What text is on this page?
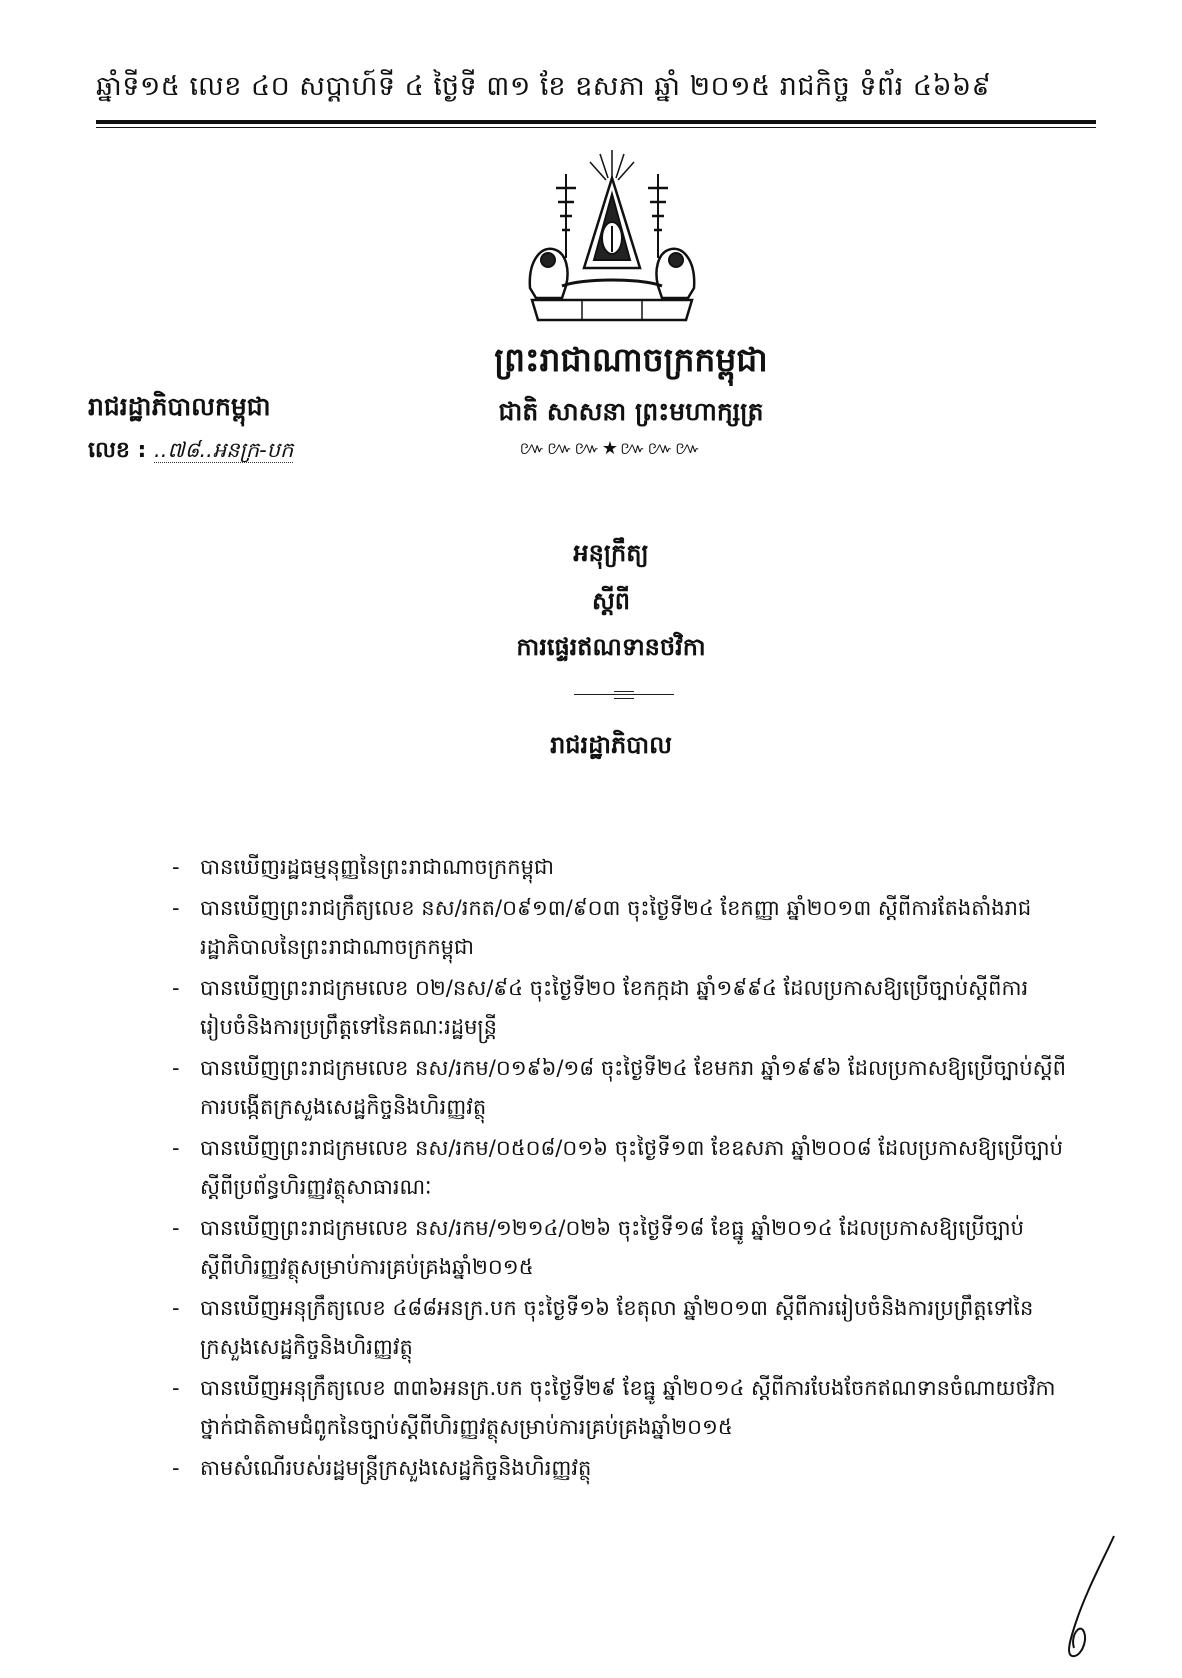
ឆ្នាំទី១៥ លេខ ៤០ សប្តាហ៍ទី ៤ ថ្ងៃទី ៣១ ខែ ឧសភា ឆ្នាំ ២០១៥ រាជកិច្ច ទំព័រ ៤៦៦៩
ព្រះរាជាណាចក្រកម្ពុជា
ជាតិ សាសនា ព្រះមហាក្សត្រ
៚៚៚★៚៚៚
រាជរដ្ឋាភិបាលកម្ពុជា
លេខ : ..៧៨..អនក្រ-បក
អនុក្រឹត្យ
ស្តីពី
ការផ្ទេរឥណទានថវិកា
រាជរដ្ឋាភិបាល
- បានឃើញរដ្ឋធម្មនុញ្ញនៃព្រះរាជាណាចក្រកម្ពុជា
- បានឃើញព្រះរាជក្រឹត្យលេខ នស/រកត/០៩១៣/៩០៣ ចុះថ្ងៃទី២៤ ខែកញ្ញា ឆ្នាំ២០១៣ ស្តីពីការតែងតាំងរាជរដ្ឋាភិបាលនៃព្រះរាជាណាចក្រកម្ពុជា
- បានឃើញព្រះរាជក្រមលេខ ០២/នស/៩៤ ចុះថ្ងៃទី២០ ខែកក្កដា ឆ្នាំ១៩៩៤ ដែលប្រកាសឱ្យប្រើច្បាប់ស្តីពីការរៀបចំនិងការប្រព្រឹត្តទៅនៃគណៈរដ្ឋមន្ត្រី
- បានឃើញព្រះរាជក្រមលេខ នស/រកម/០១៩៦/១៨ ចុះថ្ងៃទី២៤ ខែមករា ឆ្នាំ១៩៩៦ ដែលប្រកាសឱ្យប្រើច្បាប់ស្តីពីការបង្កើតក្រសួងសេដ្ឋកិច្ចនិងហិរញ្ញវត្ថុ
- បានឃើញព្រះរាជក្រមលេខ នស/រកម/០៥០៨/០១៦ ចុះថ្ងៃទី១៣ ខែឧសភា ឆ្នាំ២០០៨ ដែលប្រកាសឱ្យប្រើច្បាប់ស្តីពីប្រព័ន្ធហិរញ្ញវត្ថុសាធារណៈ
- បានឃើញព្រះរាជក្រមលេខ នស/រកម/១២១៤/០២៦ ចុះថ្ងៃទី១៨ ខែធ្នូ ឆ្នាំ២០១៤ ដែលប្រកាសឱ្យប្រើច្បាប់ស្តីពីហិរញ្ញវត្ថុសម្រាប់ការគ្រប់គ្រងឆ្នាំ២០១៥
- បានឃើញអនុក្រឹត្យលេខ ៤៨៨អនក្រ.បក ចុះថ្ងៃទី១៦ ខែតុលា ឆ្នាំ២០១៣ ស្តីពីការរៀបចំនិងការប្រព្រឹត្តទៅនៃក្រសួងសេដ្ឋកិច្ចនិងហិរញ្ញវត្ថុ
- បានឃើញអនុក្រឹត្យលេខ ៣៣៦អនក្រ.បក ចុះថ្ងៃទី២៩ ខែធ្នូ ឆ្នាំ២០១៤ ស្តីពីការបែងចែកឥណទានចំណាយថវិកាថ្នាក់ជាតិតាមជំពូកនៃច្បាប់ស្តីពីហិរញ្ញវត្ថុសម្រាប់ការគ្រប់គ្រងឆ្នាំ២០១៥
- តាមសំណើរបស់រដ្ឋមន្ត្រីក្រសួងសេដ្ឋកិច្ចនិងហិរញ្ញវត្ថុ
